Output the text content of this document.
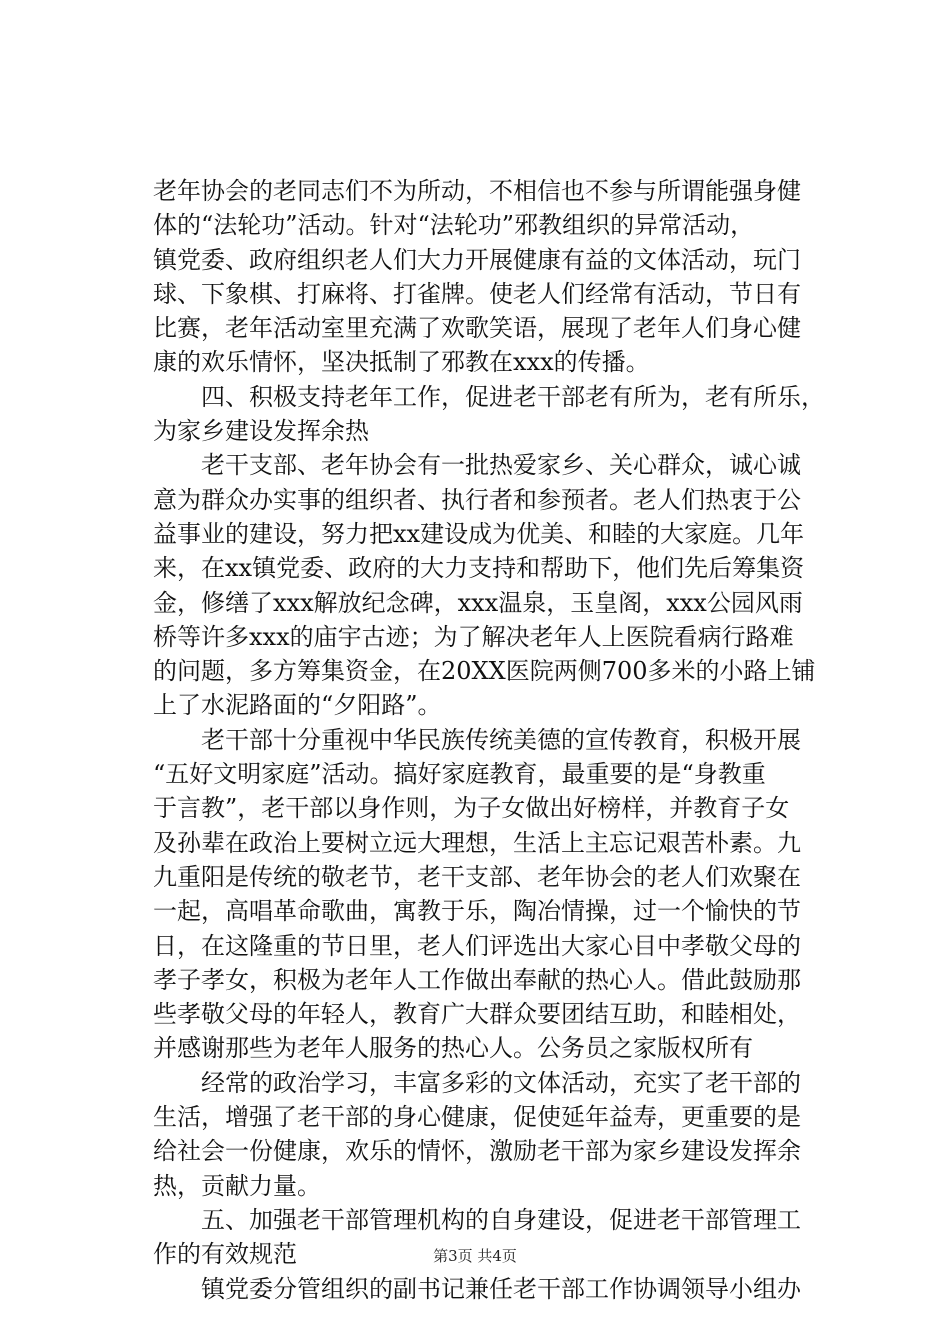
老年协会的老同志们不为所动，不相信也不参与所谓能强身健
体的“法轮功”活动。针对“法轮功”邪教组织的异常活动，
镇党委、政府组织老人们大力开展健康有益的文体活动，玩门
球、下象棋、打麻将、打雀牌。使老人们经常有活动，节日有
比赛，老年活动室里充满了欢歌笑语，展现了老年人们身心健
康的欢乐情怀，坚决抵制了邪教在xxx的传播。
　　四、积极支持老年工作，促进老干部老有所为，老有所乐，
为家乡建设发挥余热
　　老干支部、老年协会有一批热爱家乡、关心群众，诚心诚
意为群众办实事的组织者、执行者和参预者。老人们热衷于公
益事业的建设，努力把xx建设成为优美、和睦的大家庭。几年
来，在xx镇党委、政府的大力支持和帮助下，他们先后筹集资
金，修缮了xxx解放纪念碑，xxx温泉，玉皇阁，xxx公园风雨
桥等许多xxx的庙宇古迹；为了解决老年人上医院看病行路难
的问题，多方筹集资金，在20XX医院两侧700多米的小路上铺
上了水泥路面的“夕阳路”。
　　老干部十分重视中华民族传统美德的宣传教育，积极开展
“五好文明家庭”活动。搞好家庭教育，最重要的是“身教重
于言教”，老干部以身作则，为子女做出好榜样，并教育子女
及孙辈在政治上要树立远大理想，生活上主忘记艰苦朴素。九
九重阳是传统的敬老节，老干支部、老年协会的老人们欢聚在
一起，高唱革命歌曲，寓教于乐，陶冶情操，过一个愉快的节
日，在这隆重的节日里，老人们评选出大家心目中孝敬父母的
孝子孝女，积极为老年人工作做出奉献的热心人。借此鼓励那
些孝敬父母的年轻人，教育广大群众要团结互助，和睦相处，
并感谢那些为老年人服务的热心人。公务员之家版权所有
　　经常的政治学习，丰富多彩的文体活动，充实了老干部的
生活，增强了老干部的身心健康，促使延年益寿，更重要的是
给社会一份健康，欢乐的情怀，激励老干部为家乡建设发挥余
热，贡献力量。
　　五、加强老干部管理机构的自身建设，促进老干部管理工
作的有效规范
　　镇党委分管组织的副书记兼任老干部工作协调领导小组办
第3页 共4页
